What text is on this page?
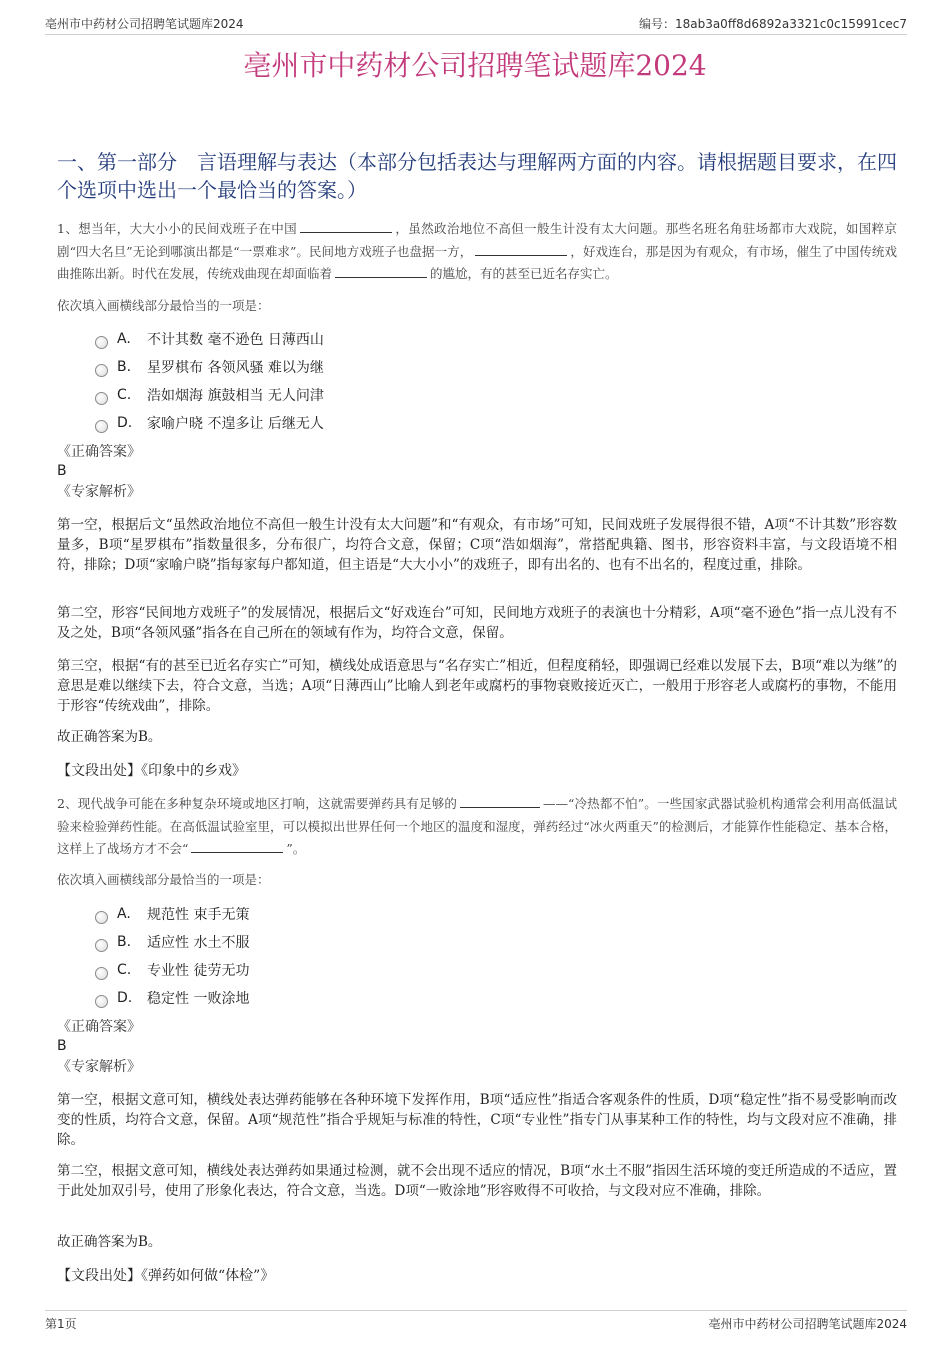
亳州市中药材公司招聘笔试题库2024	编号：18ab3a0ff8d6892a3321c0c15991cec7
亳州市中药材公司招聘笔试题库2024
一、第一部分　言语理解与表达（本部分包括表达与理解两方面的内容。请根据题目要求，在四个选项中选出一个最恰当的答案。）
1、想当年，大大小小的民间戏班子在中国	，虽然政治地位不高但一般生计没有太大问题。那些名班名角驻场都市大戏院，如国粹京剧“四大名旦”无论到哪演出都是“一票难求”。民间地方戏班子也盘据一方，	，好戏连台，那是因为有观众，有市场，催生了中国传统戏曲推陈出新。时代在发展，传统戏曲现在却面临着	的尴尬，有的甚至已近名存实亡。
依次填入画横线部分最恰当的一项是：
A.	不计其数 毫不逊色 日薄西山
B.	星罗棋布 各领风骚 难以为继
C.	浩如烟海 旗鼓相当 无人问津
D.	家喻户晓 不遑多让 后继无人
《正确答案》
B
《专家解析》
第一空，根据后文“虽然政治地位不高但一般生计没有太大问题”和“有观众，有市场”可知，民间戏班子发展得很不错，A项“不计其数”形容数量多，B项“星罗棋布”指数量很多，分布很广，均符合文意，保留；C项“浩如烟海”，常搭配典籍、图书，形容资料丰富，与文段语境不相符，排除；D项“家喻户晓”指每家每户都知道，但主语是“大大小小”的戏班子，即有出名的、也有不出名的，程度过重，排除。
第二空，形容“民间地方戏班子”的发展情况，根据后文“好戏连台”可知，民间地方戏班子的表演也十分精彩，A项“毫不逊色”指一点儿没有不及之处，B项“各领风骚”指各在自己所在的领域有作为，均符合文意，保留。
第三空，根据“有的甚至已近名存实亡”可知，横线处成语意思与“名存实亡”相近，但程度稍轻，即强调已经难以发展下去，B项“难以为继”的意思是难以继续下去，符合文意，当选；A项“日薄西山”比喻人到老年或腐朽的事物衰败接近灭亡，一般用于形容老人或腐朽的事物，不能用于形容“传统戏曲”，排除。
故正确答案为B。
【文段出处】《印象中的乡戏》
2、现代战争可能在多种复杂环境或地区打响，这就需要弹药具有足够的	——“冷热都不怕”。一些国家武器试验机构通常会利用高低温试验来检验弹药性能。在高低温试验室里，可以模拟出世界任何一个地区的温度和湿度，弹药经过“冰火两重天”的检测后，才能算作性能稳定、基本合格，这样上了战场方才不会“	”。
依次填入画横线部分最恰当的一项是：
A.	规范性 束手无策
B.	适应性 水土不服
C.	专业性 徒劳无功
D.	稳定性 一败涂地
《正确答案》
B
《专家解析》
第一空，根据文意可知，横线处表达弹药能够在各种环境下发挥作用，B项“适应性”指适合客观条件的性质，D项“稳定性”指不易受影响而改变的性质，均符合文意，保留。A项“规范性”指合乎规矩与标准的特性，C项“专业性”指专门从事某种工作的特性，均与文段对应不准确，排除。
第二空，根据文意可知，横线处表达弹药如果通过检测，就不会出现不适应的情况，B项“水土不服”指因生活环境的变迁所造成的不适应，置于此处加双引号，使用了形象化表达，符合文意，当选。D项“一败涂地”形容败得不可收拾，与文段对应不准确，排除。
故正确答案为B。
【文段出处】《弹药如何做“体检”》
第1页	亳州市中药材公司招聘笔试题库2024
